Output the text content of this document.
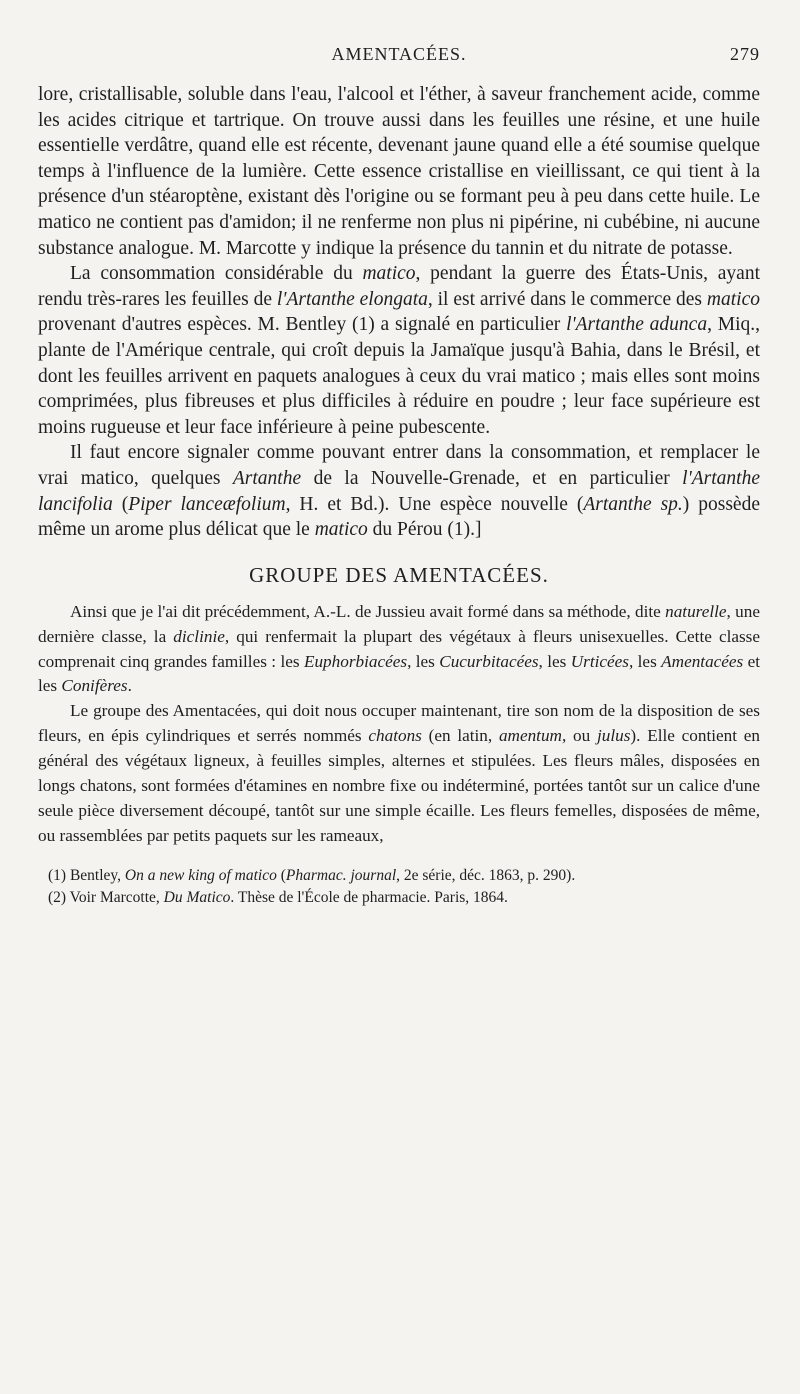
AMENTACÉES.	279

lore, cristallisable, soluble dans l'eau, l'alcool et l'éther, à saveur franchement acide, comme les acides citrique et tartrique. On trouve aussi dans les feuilles une résine, et une huile essentielle verdâtre, quand elle est récente, devenant jaune quand elle a été soumise quelque temps à l'influence de la lumière. Cette essence cristallise en vieillissant, ce qui tient à la présence d'un stéaroptène, existant dès l'origine ou se formant peu à peu dans cette huile. Le matico ne contient pas d'amidon; il ne renferme non plus ni pipérine, ni cubébine, ni aucune substance analogue. M. Marcotte y indique la présence du tannin et du nitrate de potasse.

La consommation considérable du matico, pendant la guerre des États-Unis, ayant rendu très-rares les feuilles de l'Artanthe elongata, il est arrivé dans le commerce des matico provenant d'autres espèces. M. Bentley (1) a signalé en particulier l'Artanthe adunca, Miq., plante de l'Amérique centrale, qui croît depuis la Jamaïque jusqu'à Bahia, dans le Brésil, et dont les feuilles arrivent en paquets analogues à ceux du vrai matico ; mais elles sont moins comprimées, plus fibreuses et plus difficiles à réduire en poudre ; leur face supérieure est moins rugueuse et leur face inférieure à peine pubescente.

Il faut encore signaler comme pouvant entrer dans la consommation, et remplacer le vrai matico, quelques Artanthe de la Nouvelle-Grenade, et en particulier l'Artanthe lancifolia (Piper lanceæfolium, H. et Bd.). Une espèce nouvelle (Artanthe sp.) possède même un arome plus délicat que le matico du Pérou (1).]

GROUPE DES AMENTACÉES.

Ainsi que je l'ai dit précédemment, A.-L. de Jussieu avait formé dans sa méthode, dite naturelle, une dernière classe, la diclinie, qui renfermait la plupart des végétaux à fleurs unisexuelles. Cette classe comprenait cinq grandes familles : les Euphorbiacées, les Cucurbitacées, les Urticées, les Amentacées et les Conifères.

Le groupe des Amentacées, qui doit nous occuper maintenant, tire son nom de la disposition de ses fleurs, en épis cylindriques et serrés nommés chatons (en latin, amentum, ou julus). Elle contient en général des végétaux ligneux, à feuilles simples, alternes et stipulées. Les fleurs mâles, disposées en longs chatons, sont formées d'étamines en nombre fixe ou indéterminé, portées tantôt sur un calice d'une seule pièce diversement découpé, tantôt sur une simple écaille. Les fleurs femelles, disposées de même, ou rassemblées par petits paquets sur les rameaux,

(1) Bentley, On a new king of matico (Pharmac. journal, 2e série, déc. 1863, p. 290).

(2) Voir Marcotte, Du Matico. Thèse de l'École de pharmacie. Paris, 1864.
